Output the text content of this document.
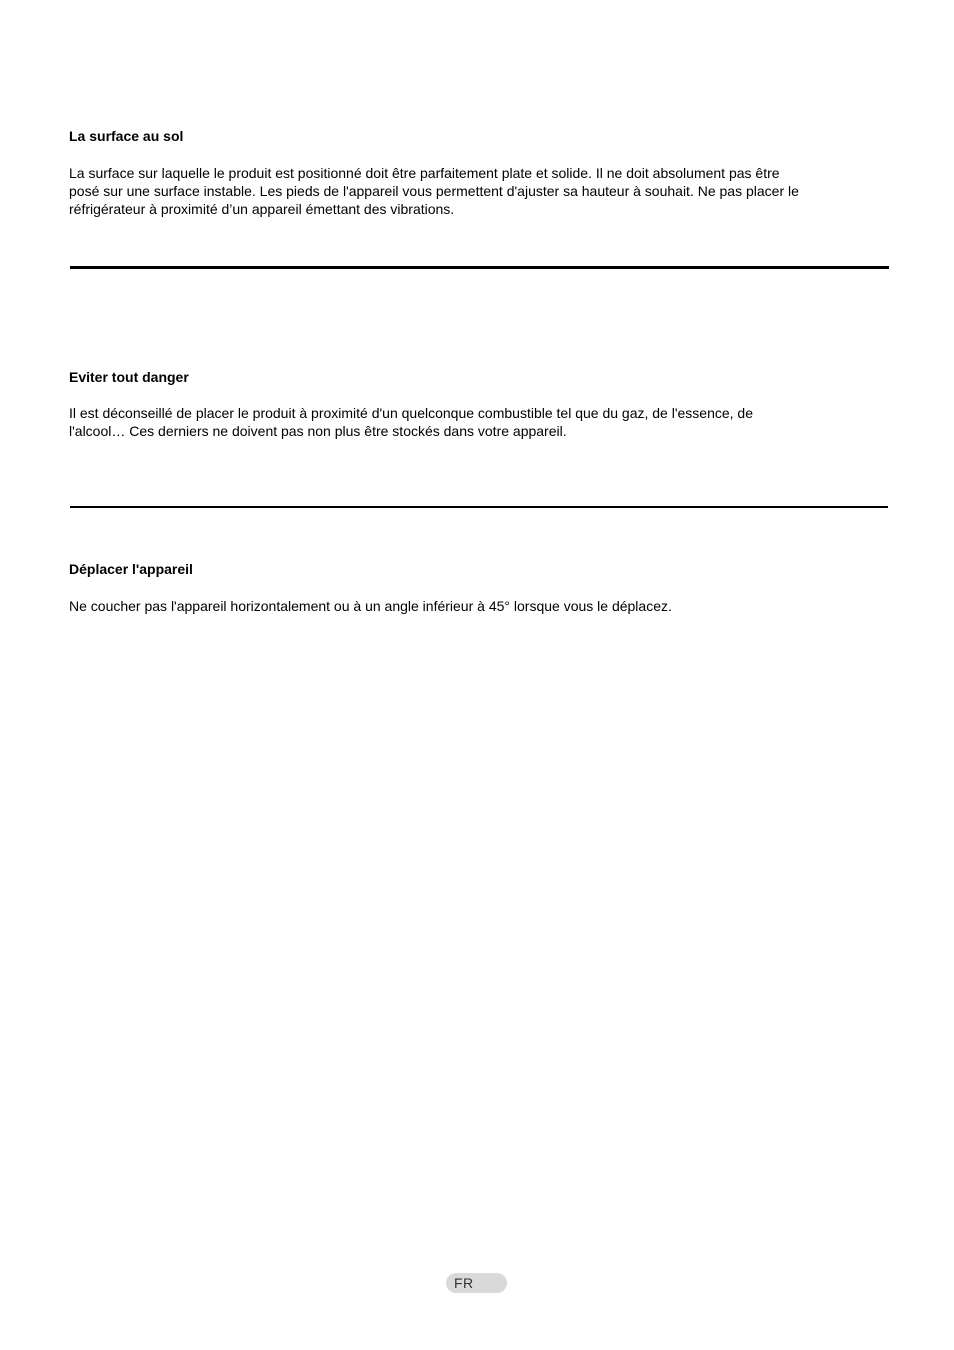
La surface au sol

La surface sur laquelle le produit est positionné doit être parfaitement plate et solide. Il ne doit absolument pas être
posé sur une surface instable. Les pieds de l'appareil vous permettent d'ajuster sa hauteur à souhait. Ne pas placer le
réfrigérateur à proximité d’un appareil émettant des vibrations.

Eviter tout danger

Il est déconseillé de placer le produit à proximité d'un quelconque combustible tel que du gaz, de l'essence, de
l'alcool… Ces derniers ne doivent pas non plus être stockés dans votre appareil.

Déplacer l'appareil

Ne coucher pas l'appareil horizontalement ou à un angle inférieur à 45° lorsque vous le déplacez.

FR
